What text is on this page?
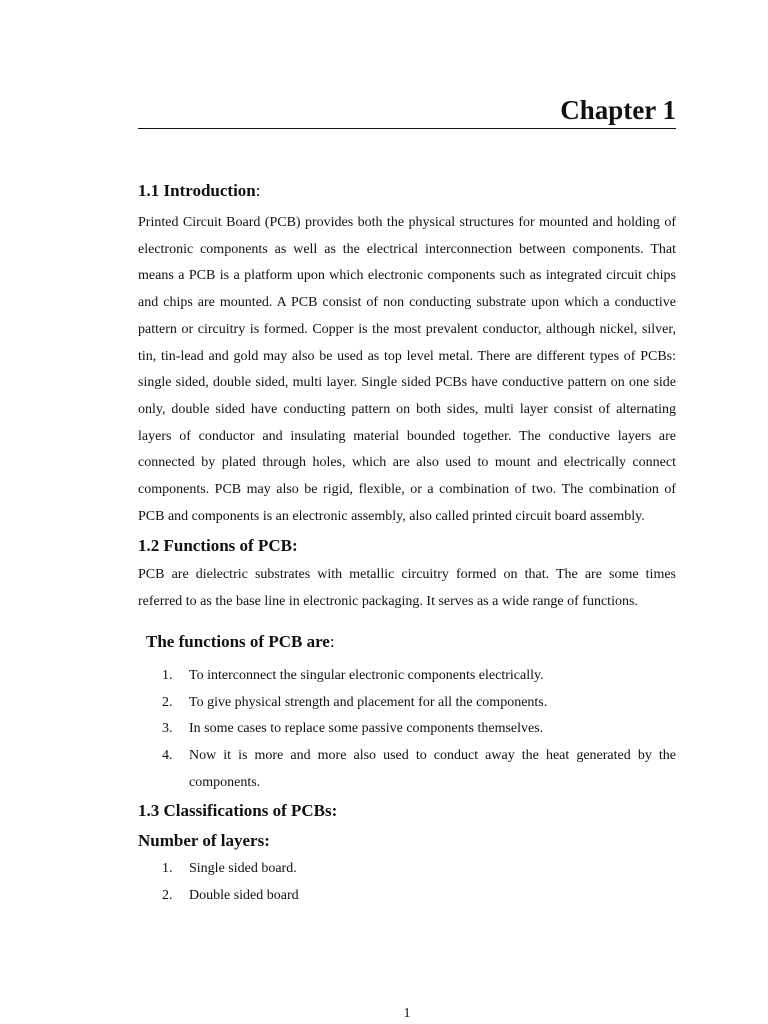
Chapter 1
1.1 Introduction:

Printed Circuit Board (PCB) provides both the physical structures for mounted and holding of electronic components as well as the electrical interconnection between components. That means a PCB is a platform upon which electronic components such as integrated circuit chips and chips are mounted. A PCB consist of non conducting substrate upon which a conductive pattern or circuitry is formed. Copper is the most prevalent conductor, although nickel, silver, tin, tin-lead and gold may also be used as top level metal. There are different types of PCBs: single sided, double sided, multi layer. Single sided PCBs have conductive pattern on one side only, double sided have conducting pattern on both sides, multi layer consist of alternating layers of conductor and insulating material bounded together. The conductive layers are connected by plated through holes, which are also used to mount and electrically connect components. PCB may also be rigid, flexible, or a combination of two. The combination of PCB and components is an electronic assembly, also called printed circuit board assembly.

1.2 Functions of PCB:

PCB are dielectric substrates with metallic circuitry formed on that. The are some times referred to as the base line in electronic packaging. It serves as a wide range of functions.

The functions of PCB are:
1. To interconnect the singular electronic components electrically.
2. To give physical strength and placement for all the components.
3. In some cases to replace some passive components themselves.
4. Now it is more and more also used to conduct away the heat generated by the components.
1.3 Classifications of PCBs:
Number of layers:
1. Single sided board.
2. Double sided board
1
